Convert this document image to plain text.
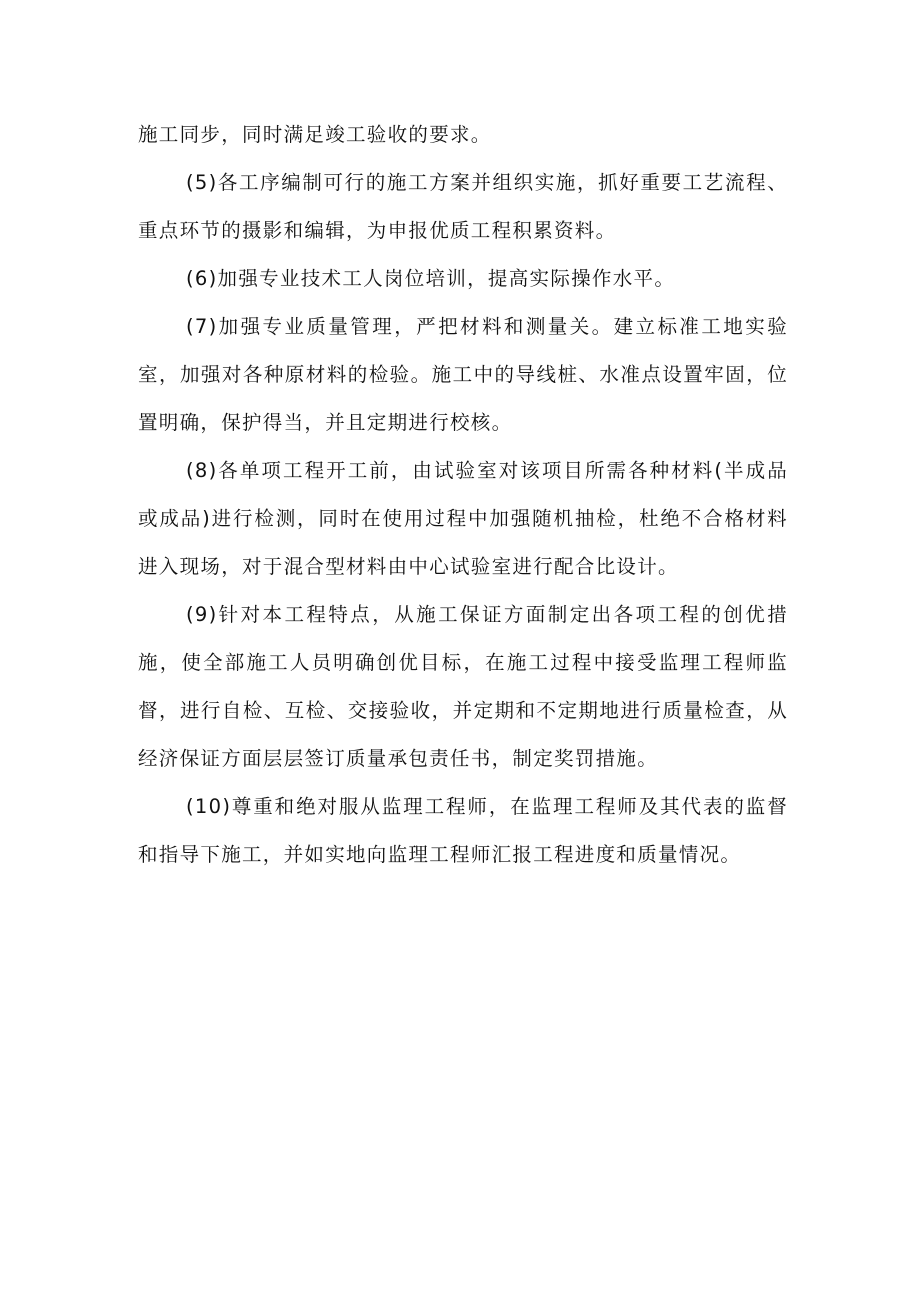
施工同步，同时满足竣工验收的要求。

(5)各工序编制可行的施工方案并组织实施，抓好重要工艺流程、重点环节的摄影和编辑，为申报优质工程积累资料。

(6)加强专业技术工人岗位培训，提高实际操作水平。

(7)加强专业质量管理，严把材料和测量关。建立标准工地实验室，加强对各种原材料的检验。施工中的导线桩、水准点设置牢固，位置明确，保护得当，并且定期进行校核。

(8)各单项工程开工前，由试验室对该项目所需各种材料(半成品或成品)进行检测，同时在使用过程中加强随机抽检，杜绝不合格材料进入现场，对于混合型材料由中心试验室进行配合比设计。

(9)针对本工程特点，从施工保证方面制定出各项工程的创优措施，使全部施工人员明确创优目标，在施工过程中接受监理工程师监督，进行自检、互检、交接验收，并定期和不定期地进行质量检查，从经济保证方面层层签订质量承包责任书，制定奖罚措施。

(10)尊重和绝对服从监理工程师，在监理工程师及其代表的监督和指导下施工，并如实地向监理工程师汇报工程进度和质量情况。
